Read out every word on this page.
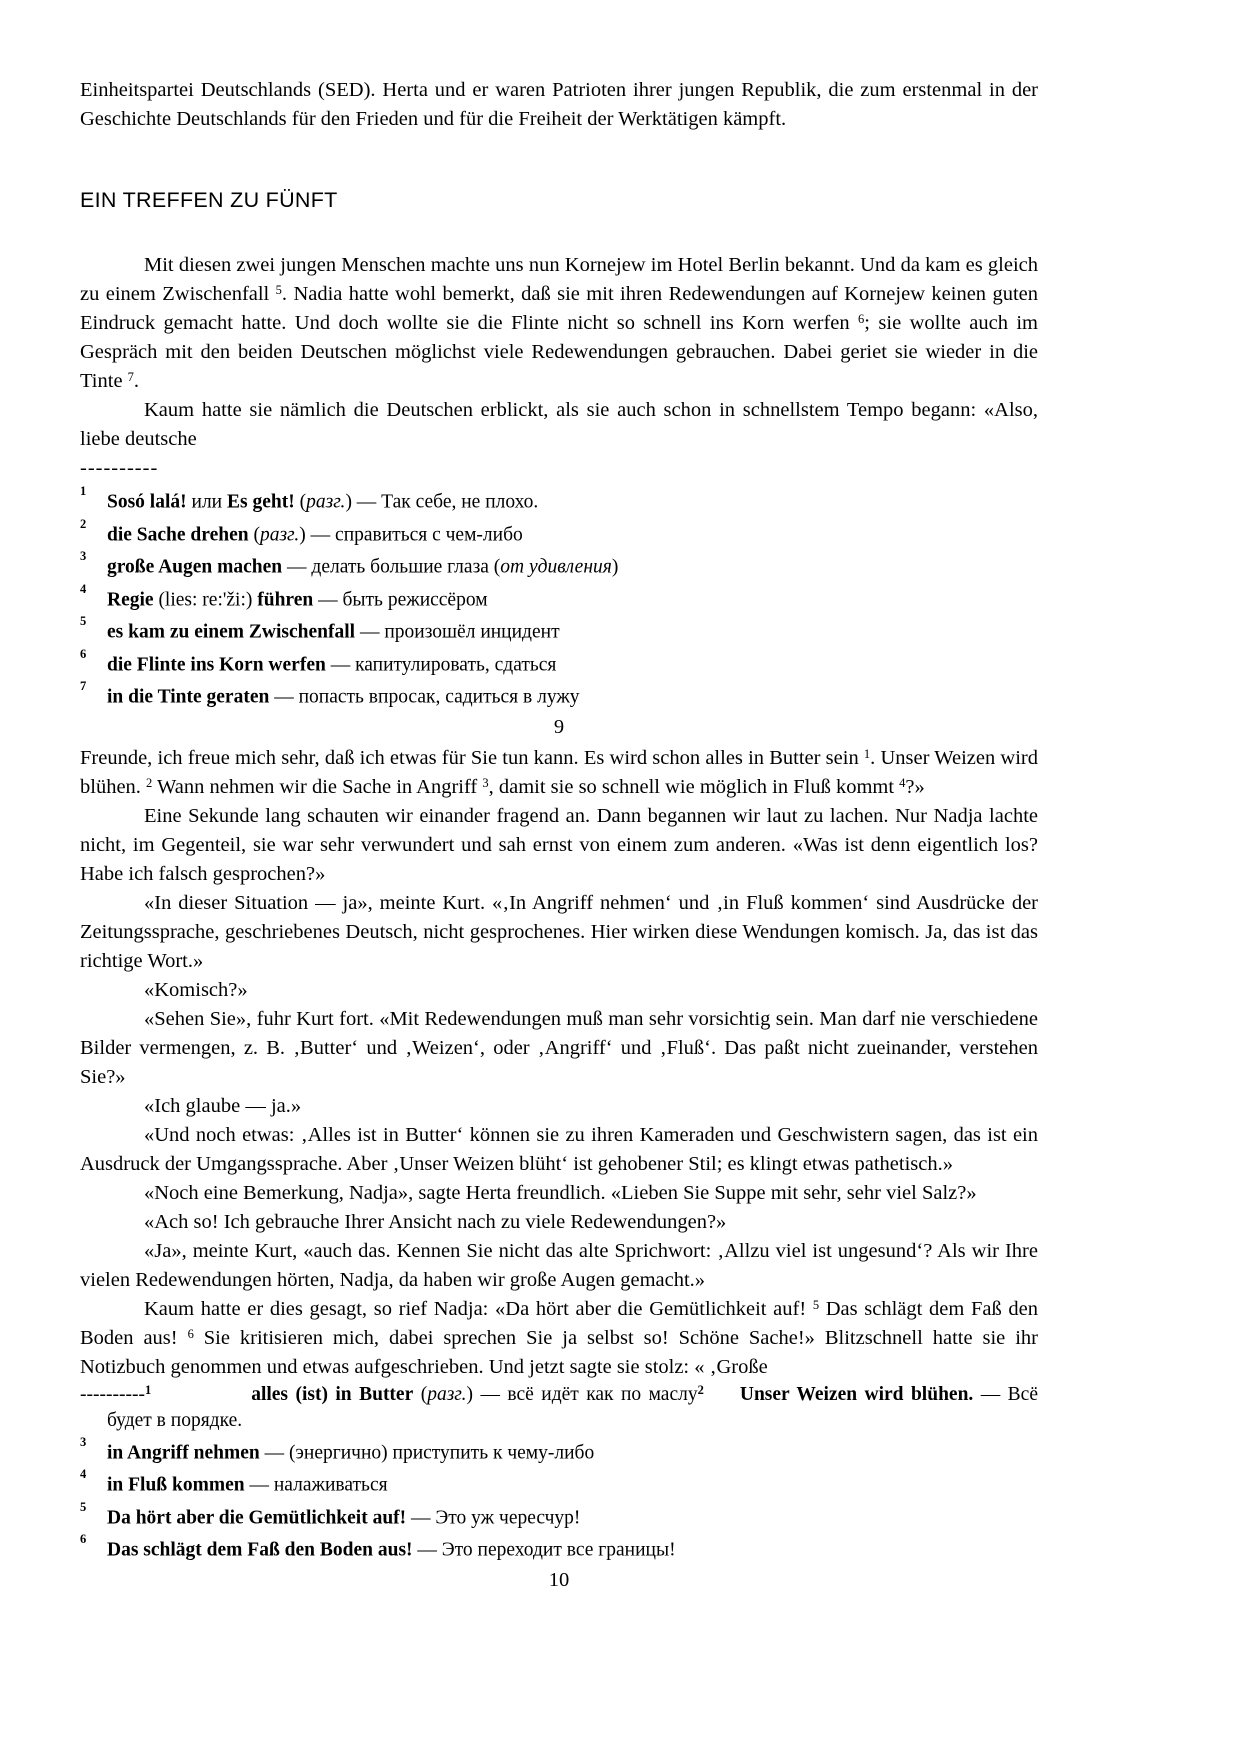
Einheitspartei Deutschlands (SED). Herta und er waren Patrioten ihrer jungen Republik, die zum erstenmal in der Geschichte Deutschlands für den Frieden und für die Freiheit der Werktätigen kämpft.

EIN TREFFEN ZU FÜNFT

Mit diesen zwei jungen Menschen machte uns nun Kornejew im Hotel Berlin bekannt. Und da kam es gleich zu einem Zwischenfall $^5$. Nadia hatte wohl bemerkt, daß sie mit ihren Redewendungen auf Kornejew keinen guten Eindruck gemacht hatte. Und doch wollte sie die Flinte nicht so schnell ins Korn werfen $^6$; sie wollte auch im Gespräch mit den beiden Deutschen möglichst viele Redewendungen gebrauchen. Dabei geriet sie wieder in die Tinte $^7$.

Kaum hatte sie nämlich die Deutschen erblickt, als sie auch schon in schnellstem Tempo begann: «Also, liebe deutsche

----------
$^1$Sosó lalá! или Es geht! (разг.) — Так себе, не плохо.
$^2$die Sache drehen (разг.) — справиться с чем-либо
$^3$große Augen machen — делать большие глаза (от удивления)
$^4$Regie (lies: re:'ži:) führen — быть режиссёром
$^5$es kam zu einem Zwischenfall — произошёл инцидент
$^6$die Flinte ins Korn werfen — капитулировать, сдаться
$^7$in die Tinte geraten — попасть впросак, садиться в лужу
9

Freunde, ich freue mich sehr, daß ich etwas für Sie tun kann. Es wird schon alles in Butter sein $^1$. Unser Weizen wird blühen. $^2$ Wann nehmen wir die Sache in Angriff $^3$, damit sie so schnell wie möglich in Fluß kommt $^4$?»

Eine Sekunde lang schauten wir einander fragend an. Dann begannen wir laut zu lachen. Nur Nadja lachte nicht, im Gegenteil, sie war sehr verwundert und sah ernst von einem zum anderen. «Was ist denn eigentlich los? Habe ich falsch gesprochen?»

«In dieser Situation — ja», meinte Kurt. «‚In Angriff nehmen‘ und ‚in Fluß kommen‘ sind Ausdrücke der Zeitungssprache, geschriebenes Deutsch, nicht gesprochenes. Hier wirken diese Wendungen komisch. Ja, das ist das richtige Wort.»

«Komisch?»

«Sehen Sie», fuhr Kurt fort. «Mit Redewendungen muß man sehr vorsichtig sein. Man darf nie verschiedene Bilder vermengen, z. B. ‚Butter‘ und ‚Weizen‘, oder ‚Angriff‘ und ‚Fluß‘. Das paßt nicht zueinander, verstehen Sie?»

«Ich glaube — ja.»

«Und noch etwas: ‚Alles ist in Butter‘ können sie zu ihren Kameraden und Geschwistern sagen, das ist ein Ausdruck der Umgangssprache. Aber ‚Unser Weizen blüht‘ ist gehobener Stil; es klingt etwas pathetisch.»

«Noch eine Bemerkung, Nadja», sagte Herta freundlich. «Lieben Sie Suppe mit sehr, sehr viel Salz?»

«Ach so! Ich gebrauche Ihrer Ansicht nach zu viele Redewendungen?»

«Ja», meinte Kurt, «auch das. Kennen Sie nicht das alte Sprichwort: ‚Allzu viel ist ungesund‘? Als wir Ihre vielen Redewendungen hörten, Nadja, da haben wir große Augen gemacht.»

Kaum hatte er dies gesagt, so rief Nadja: «Da hört aber die Gemütlichkeit auf! $^5$ Das schlägt dem Faß den Boden aus! $^6$ Sie kritisieren mich, dabei sprechen Sie ja selbst so! Schöne Sache!» Blitzschnell hatte sie ihr Notizbuch genommen und etwas aufgeschrieben. Und jetzt sagte sie stolz: « ‚Große

----------$^1$	alles (ist) in Butter (разг.) — всё идёт как по маслу$^2$ Unser Weizen wird blühen. — Всё будет в порядке.
$^3$in Angriff nehmen — (энергично) приступить к чему-либо
$^4$in Fluß kommen — налаживаться
$^5$Da hört aber die Gemütlichkeit auf! — Это уж чересчур!
$^6$Das schlägt dem Faß den Boden aus! — Это переходит все границы!
10
